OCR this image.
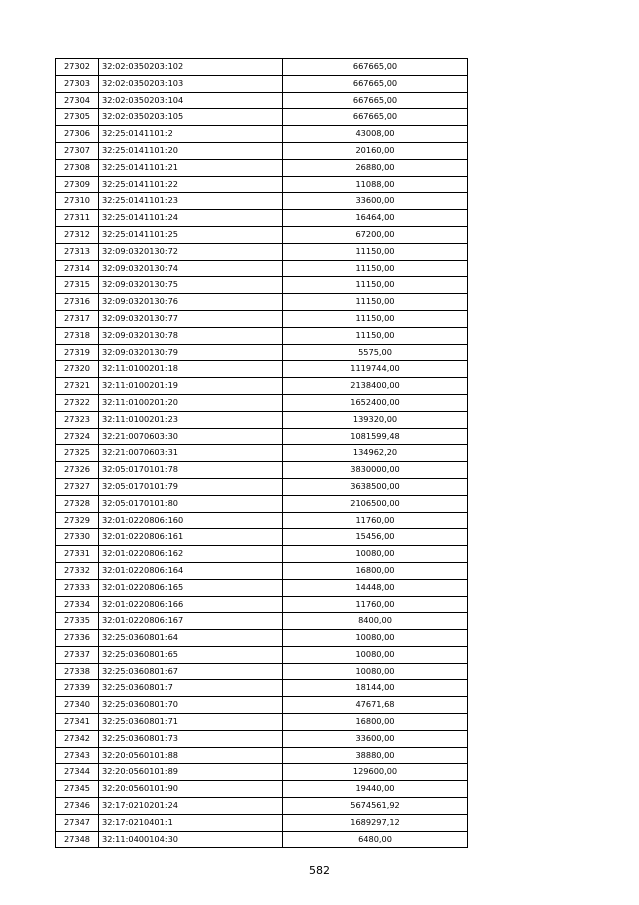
27302	32:02:0350203:102	667665,00
27303	32:02:0350203:103	667665,00
27304	32:02:0350203:104	667665,00
27305	32:02:0350203:105	667665,00
27306	32:25:0141101:2	43008,00
27307	32:25:0141101:20	20160,00
27308	32:25:0141101:21	26880,00
27309	32:25:0141101:22	11088,00
27310	32:25:0141101:23	33600,00
27311	32:25:0141101:24	16464,00
27312	32:25:0141101:25	67200,00
27313	32:09:0320130:72	11150,00
27314	32:09:0320130:74	11150,00
27315	32:09:0320130:75	11150,00
27316	32:09:0320130:76	11150,00
27317	32:09:0320130:77	11150,00
27318	32:09:0320130:78	11150,00
27319	32:09:0320130:79	5575,00
27320	32:11:0100201:18	1119744,00
27321	32:11:0100201:19	2138400,00
27322	32:11:0100201:20	1652400,00
27323	32:11:0100201:23	139320,00
27324	32:21:0070603:30	1081599,48
27325	32:21:0070603:31	134962,20
27326	32:05:0170101:78	3830000,00
27327	32:05:0170101:79	3638500,00
27328	32:05:0170101:80	2106500,00
27329	32:01:0220806:160	11760,00
27330	32:01:0220806:161	15456,00
27331	32:01:0220806:162	10080,00
27332	32:01:0220806:164	16800,00
27333	32:01:0220806:165	14448,00
27334	32:01:0220806:166	11760,00
27335	32:01:0220806:167	8400,00
27336	32:25:0360801:64	10080,00
27337	32:25:0360801:65	10080,00
27338	32:25:0360801:67	10080,00
27339	32:25:0360801:7	18144,00
27340	32:25:0360801:70	47671,68
27341	32:25:0360801:71	16800,00
27342	32:25:0360801:73	33600,00
27343	32:20:0560101:88	38880,00
27344	32:20:0560101:89	129600,00
27345	32:20:0560101:90	19440,00
27346	32:17:0210201:24	5674561,92
27347	32:17:0210401:1	1689297,12
27348	32:11:0400104:30	6480,00
582
